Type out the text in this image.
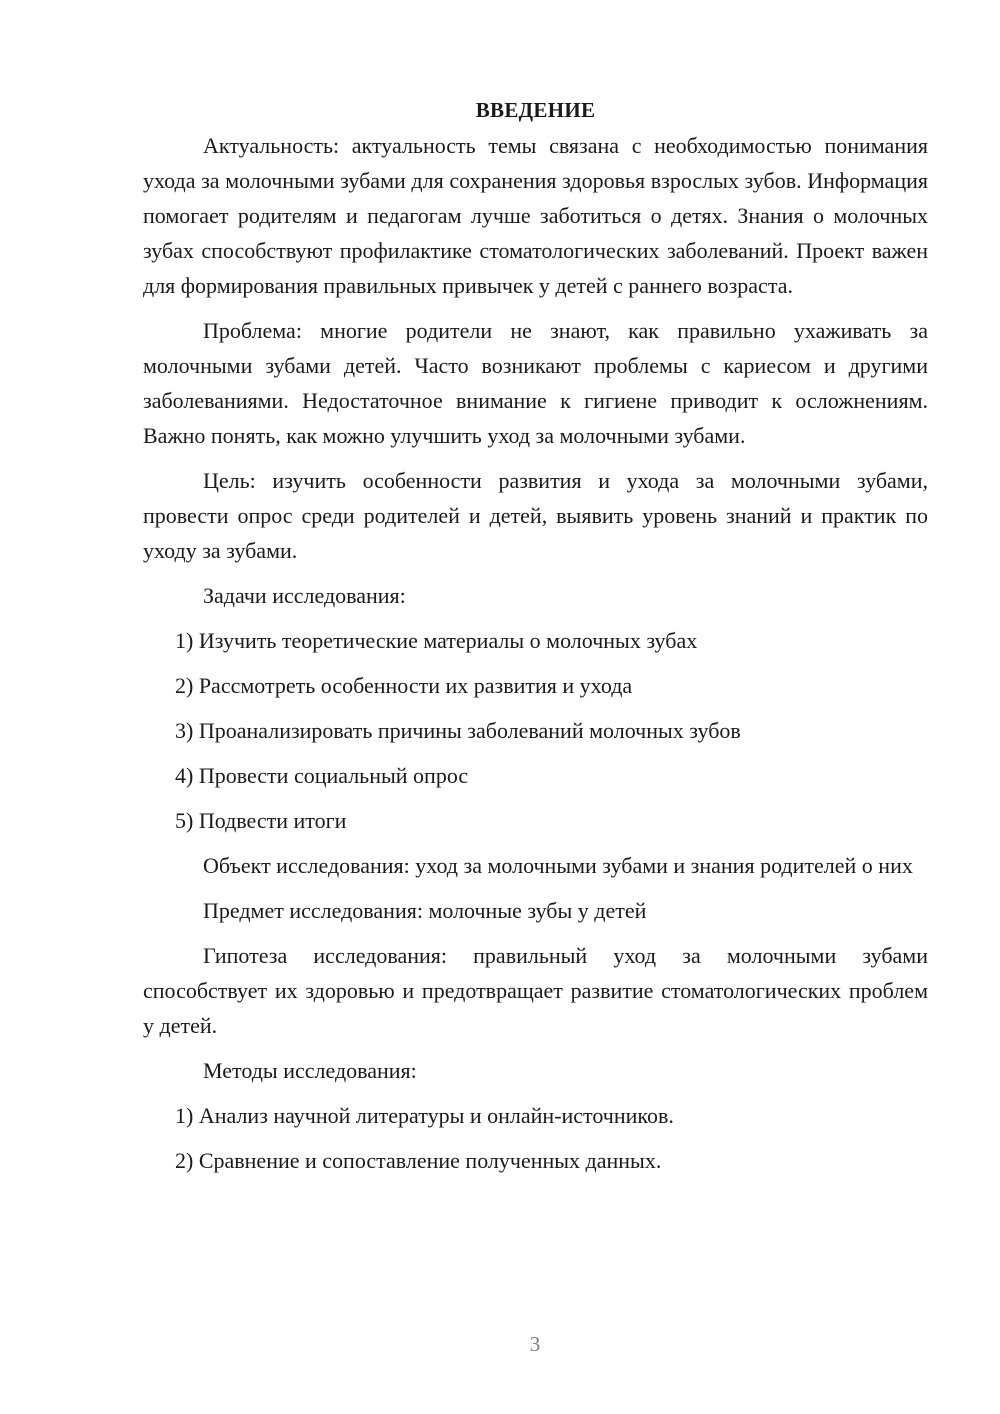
ВВЕДЕНИЕ

Актуальность: актуальность темы связана с необходимостью понимания ухода за молочными зубами для сохранения здоровья взрослых зубов. Информация помогает родителям и педагогам лучше заботиться о детях. Знания о молочных зубах способствуют профилактике стоматологических заболеваний. Проект важен для формирования правильных привычек у детей с раннего возраста.

Проблема: многие родители не знают, как правильно ухаживать за молочными зубами детей. Часто возникают проблемы с кариесом и другими заболеваниями. Недостаточное внимание к гигиене приводит к осложнениям. Важно понять, как можно улучшить уход за молочными зубами.

Цель: изучить особенности развития и ухода за молочными зубами, провести опрос среди родителей и детей, выявить уровень знаний и практик по уходу за зубами.

Задачи исследования:

1) Изучить теоретические материалы о молочных зубах
2) Рассмотреть особенности их развития и ухода
3) Проанализировать причины заболеваний молочных зубов
4) Провести социальный опрос
5) Подвести итоги

Объект исследования: уход за молочными зубами и знания родителей о них

Предмет исследования: молочные зубы у детей

Гипотеза исследования: правильный уход за молочными зубами способствует их здоровью и предотвращает развитие стоматологических проблем у детей.

Методы исследования:

1) Анализ научной литературы и онлайн-источников.
2) Сравнение и сопоставление полученных данных.
3
